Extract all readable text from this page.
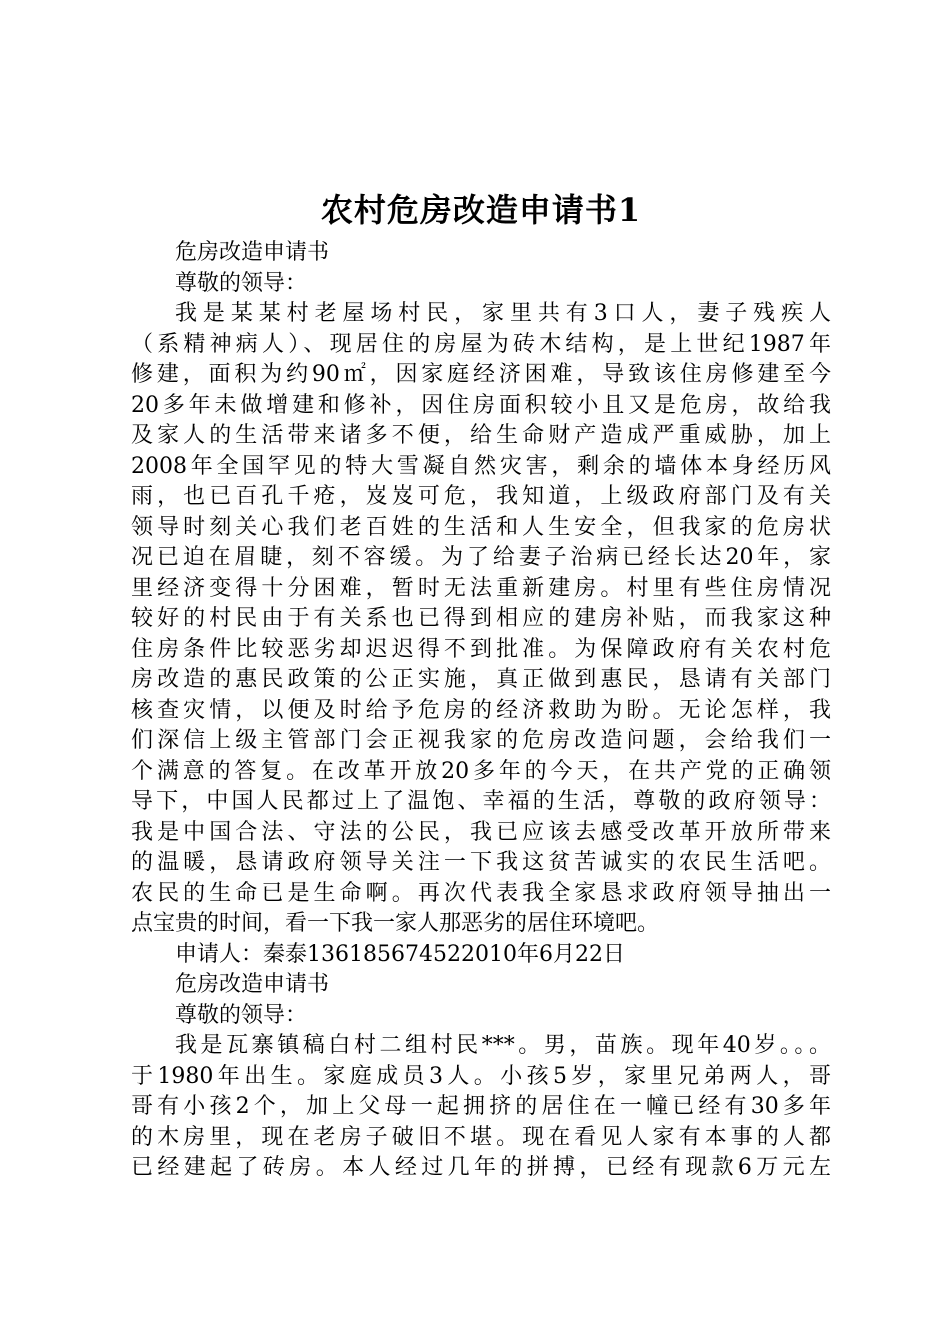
农村危房改造申请书1
危房改造申请书
尊敬的领导：
我是某某村老屋场村民，家里共有3口人，妻子残疾人
（系精神病人）、现居住的房屋为砖木结构，是上世纪1987年
修建，面积为约90㎡，因家庭经济困难，导致该住房修建至今
20多年未做增建和修补，因住房面积较小且又是危房，故给我
及家人的生活带来诸多不便，给生命财产造成严重威胁，加上
2008年全国罕见的特大雪凝自然灾害，剩余的墙体本身经历风
雨，也已百孔千疮，岌岌可危，我知道，上级政府部门及有关
领导时刻关心我们老百姓的生活和人生安全，但我家的危房状
况已迫在眉睫，刻不容缓。为了给妻子治病已经长达20年，家
里经济变得十分困难，暂时无法重新建房。村里有些住房情况
较好的村民由于有关系也已得到相应的建房补贴，而我家这种
住房条件比较恶劣却迟迟得不到批准。为保障政府有关农村危
房改造的惠民政策的公正实施，真正做到惠民，恳请有关部门
核查灾情，以便及时给予危房的经济救助为盼。无论怎样，我
们深信上级主管部门会正视我家的危房改造问题，会给我们一
个满意的答复。在改革开放20多年的今天，在共产党的正确领
导下，中国人民都过上了温饱、幸福的生活，尊敬的政府领导：
我是中国合法、守法的公民，我已应该去感受改革开放所带来
的温暖，恳请政府领导关注一下我这贫苦诚实的农民生活吧。
农民的生命已是生命啊。再次代表我全家恳求政府领导抽出一
点宝贵的时间，看一下我一家人那恶劣的居住环境吧。
申请人：秦泰136185674522010年6月22日
危房改造申请书
尊敬的领导：
我是瓦寨镇稿白村二组村民***。男，苗族。现年40岁。。。
于1980年出生。家庭成员3人。小孩5岁，家里兄弟两人，哥
哥有小孩2个，加上父母一起拥挤的居住在一幢已经有30多年
的木房里，现在老房子破旧不堪。现在看见人家有本事的人都
已经建起了砖房。本人经过几年的拼搏，已经有现款6万元左
